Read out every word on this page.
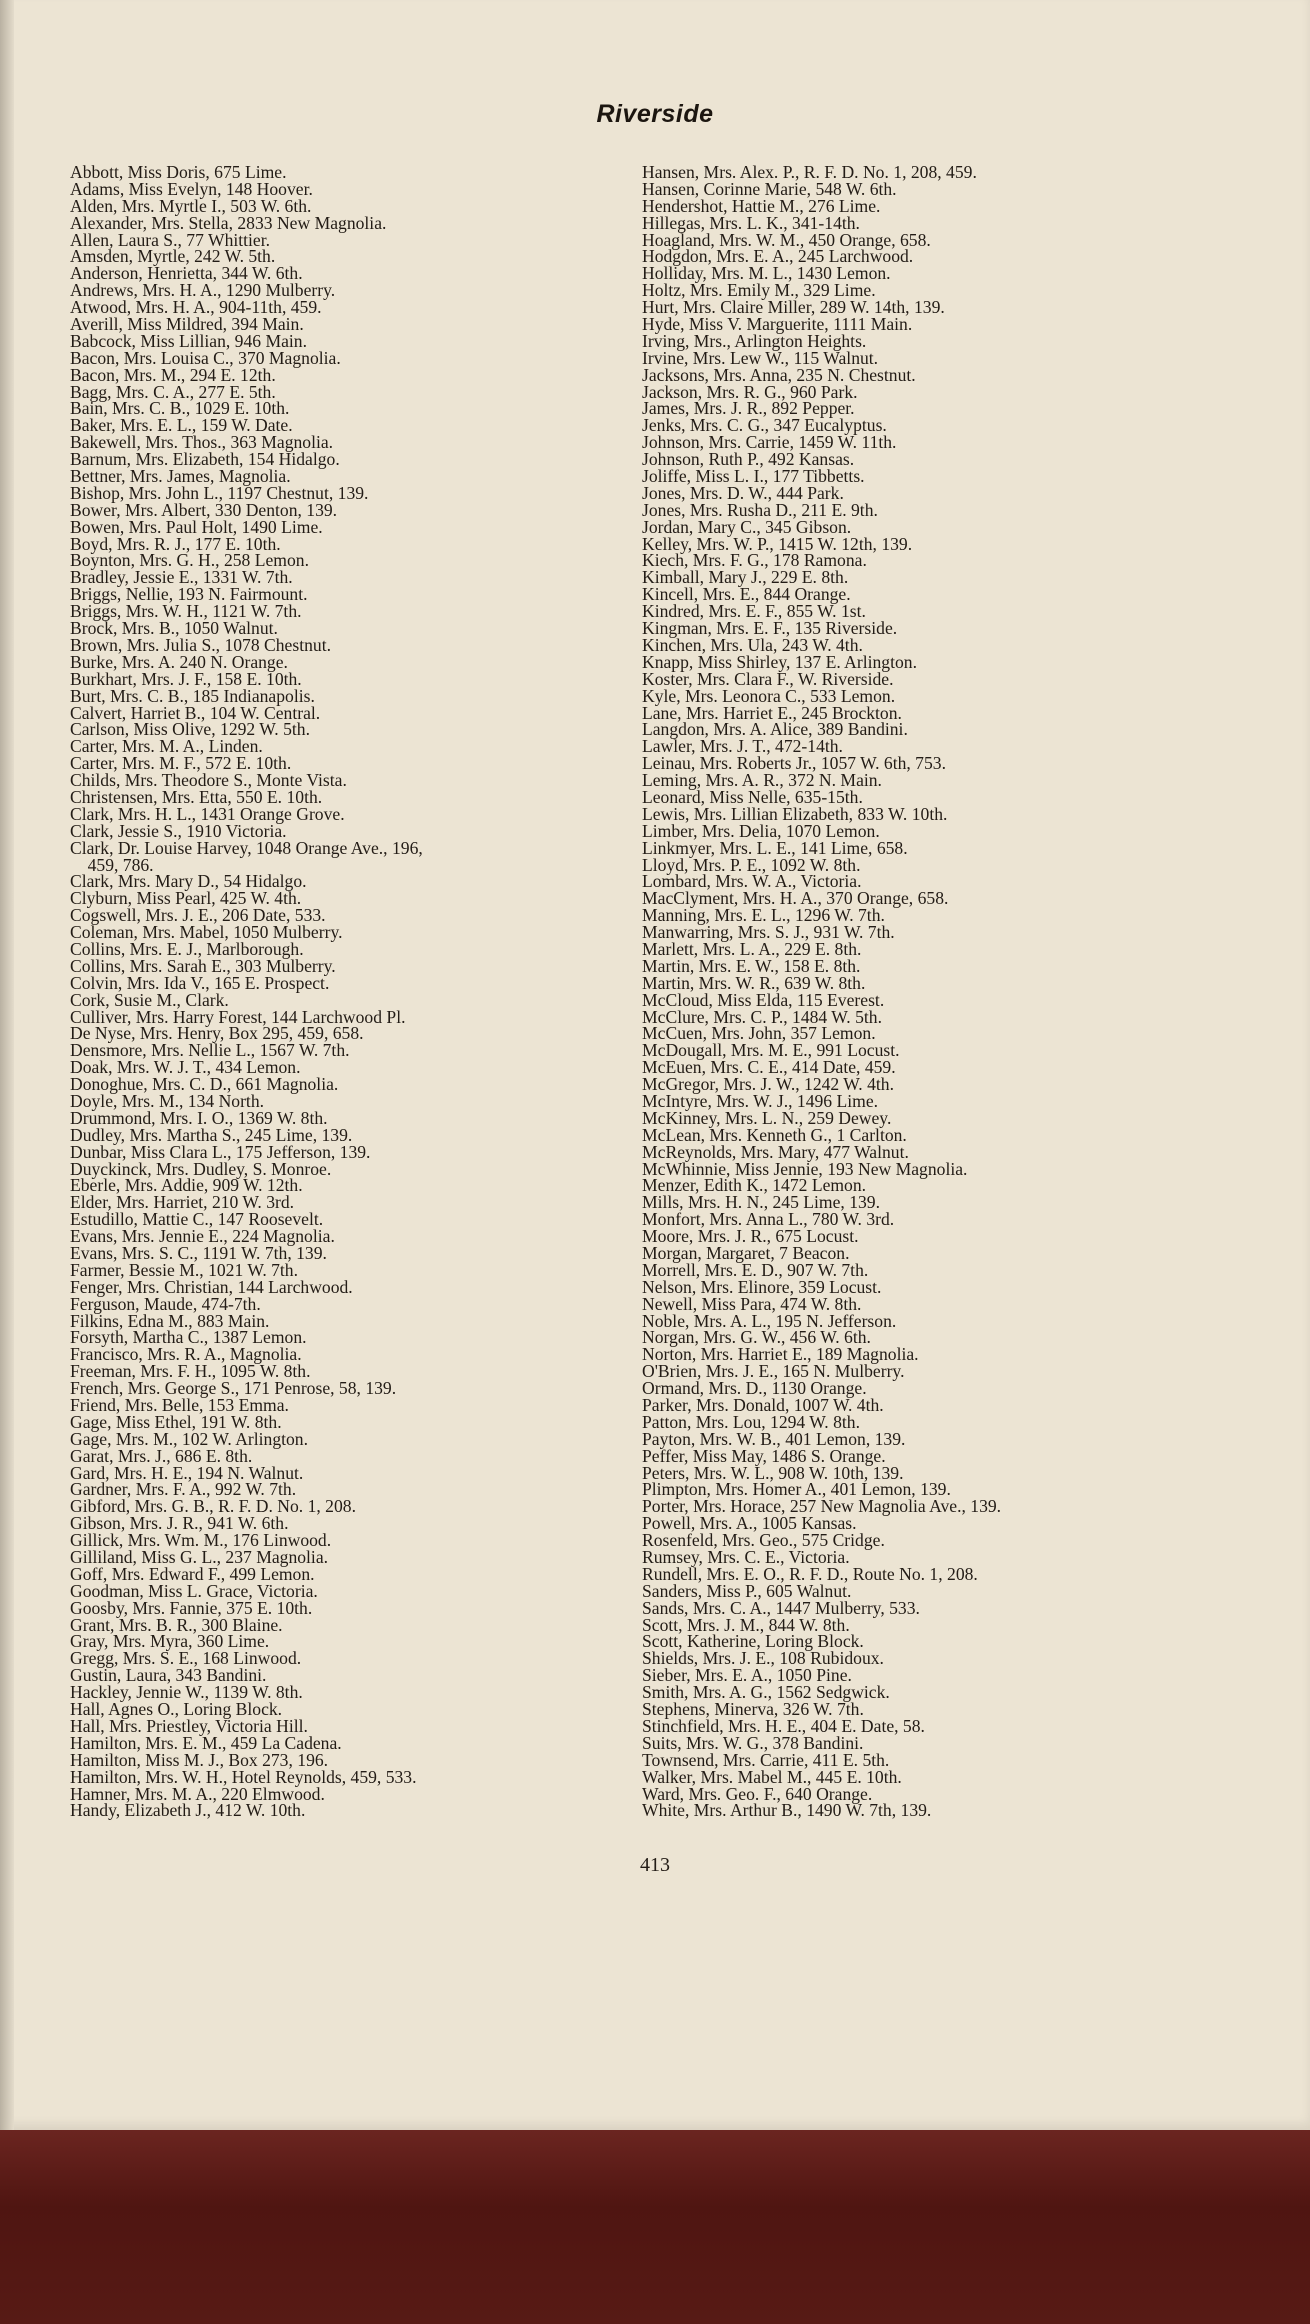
Riverside
Abbott, Miss Doris, 675 Lime.
Adams, Miss Evelyn, 148 Hoover.
Alden, Mrs. Myrtle I., 503 W. 6th.
Alexander, Mrs. Stella, 2833 New Magnolia.
Allen, Laura S., 77 Whittier.
Amsden, Myrtle, 242 W. 5th.
Anderson, Henrietta, 344 W. 6th.
Andrews, Mrs. H. A., 1290 Mulberry.
Atwood, Mrs. H. A., 904-11th, 459.
Averill, Miss Mildred, 394 Main.
Babcock, Miss Lillian, 946 Main.
Bacon, Mrs. Louisa C., 370 Magnolia.
Bacon, Mrs. M., 294 E. 12th.
Bagg, Mrs. C. A., 277 E. 5th.
Bain, Mrs. C. B., 1029 E. 10th.
Baker, Mrs. E. L., 159 W. Date.
Bakewell, Mrs. Thos., 363 Magnolia.
Barnum, Mrs. Elizabeth, 154 Hidalgo.
Bettner, Mrs. James, Magnolia.
Bishop, Mrs. John L., 1197 Chestnut, 139.
Bower, Mrs. Albert, 330 Denton, 139.
Bowen, Mrs. Paul Holt, 1490 Lime.
Boyd, Mrs. R. J., 177 E. 10th.
Boynton, Mrs. G. H., 258 Lemon.
Bradley, Jessie E., 1331 W. 7th.
Briggs, Nellie, 193 N. Fairmount.
Briggs, Mrs. W. H., 1121 W. 7th.
Brock, Mrs. B., 1050 Walnut.
Brown, Mrs. Julia S., 1078 Chestnut.
Burke, Mrs. A. 240 N. Orange.
Burkhart, Mrs. J. F., 158 E. 10th.
Burt, Mrs. C. B., 185 Indianapolis.
Calvert, Harriet B., 104 W. Central.
Carlson, Miss Olive, 1292 W. 5th.
Carter, Mrs. M. A., Linden.
Carter, Mrs. M. F., 572 E. 10th.
Childs, Mrs. Theodore S., Monte Vista.
Christensen, Mrs. Etta, 550 E. 10th.
Clark, Mrs. H. L., 1431 Orange Grove.
Clark, Jessie S., 1910 Victoria.
Clark, Dr. Louise Harvey, 1048 Orange Ave., 196,
459, 786.
Clark, Mrs. Mary D., 54 Hidalgo.
Clyburn, Miss Pearl, 425 W. 4th.
Cogswell, Mrs. J. E., 206 Date, 533.
Coleman, Mrs. Mabel, 1050 Mulberry.
Collins, Mrs. E. J., Marlborough.
Collins, Mrs. Sarah E., 303 Mulberry.
Colvin, Mrs. Ida V., 165 E. Prospect.
Cork, Susie M., Clark.
Culliver, Mrs. Harry Forest, 144 Larchwood Pl.
De Nyse, Mrs. Henry, Box 295, 459, 658.
Densmore, Mrs. Nellie L., 1567 W. 7th.
Doak, Mrs. W. J. T., 434 Lemon.
Donoghue, Mrs. C. D., 661 Magnolia.
Doyle, Mrs. M., 134 North.
Drummond, Mrs. I. O., 1369 W. 8th.
Dudley, Mrs. Martha S., 245 Lime, 139.
Dunbar, Miss Clara L., 175 Jefferson, 139.
Duyckinck, Mrs. Dudley, S. Monroe.
Eberle, Mrs. Addie, 909 W. 12th.
Elder, Mrs. Harriet, 210 W. 3rd.
Estudillo, Mattie C., 147 Roosevelt.
Evans, Mrs. Jennie E., 224 Magnolia.
Evans, Mrs. S. C., 1191 W. 7th, 139.
Farmer, Bessie M., 1021 W. 7th.
Fenger, Mrs. Christian, 144 Larchwood.
Ferguson, Maude, 474-7th.
Filkins, Edna M., 883 Main.
Forsyth, Martha C., 1387 Lemon.
Francisco, Mrs. R. A., Magnolia.
Freeman, Mrs. F. H., 1095 W. 8th.
French, Mrs. George S., 171 Penrose, 58, 139.
Friend, Mrs. Belle, 153 Emma.
Gage, Miss Ethel, 191 W. 8th.
Gage, Mrs. M., 102 W. Arlington.
Garat, Mrs. J., 686 E. 8th.
Gard, Mrs. H. E., 194 N. Walnut.
Gardner, Mrs. F. A., 992 W. 7th.
Gibford, Mrs. G. B., R. F. D. No. 1, 208.
Gibson, Mrs. J. R., 941 W. 6th.
Gillick, Mrs. Wm. M., 176 Linwood.
Gilliland, Miss G. L., 237 Magnolia.
Goff, Mrs. Edward F., 499 Lemon.
Goodman, Miss L. Grace, Victoria.
Goosby, Mrs. Fannie, 375 E. 10th.
Grant, Mrs. B. R., 300 Blaine.
Gray, Mrs. Myra, 360 Lime.
Gregg, Mrs. S. E., 168 Linwood.
Gustin, Laura, 343 Bandini.
Hackley, Jennie W., 1139 W. 8th.
Hall, Agnes O., Loring Block.
Hall, Mrs. Priestley, Victoria Hill.
Hamilton, Mrs. E. M., 459 La Cadena.
Hamilton, Miss M. J., Box 273, 196.
Hamilton, Mrs. W. H., Hotel Reynolds, 459, 533.
Hamner, Mrs. M. A., 220 Elmwood.
Handy, Elizabeth J., 412 W. 10th.
Hansen, Mrs. Alex. P., R. F. D. No. 1, 208, 459.
Hansen, Corinne Marie, 548 W. 6th.
Hendershot, Hattie M., 276 Lime.
Hillegas, Mrs. L. K., 341-14th.
Hoagland, Mrs. W. M., 450 Orange, 658.
Hodgdon, Mrs. E. A., 245 Larchwood.
Holliday, Mrs. M. L., 1430 Lemon.
Holtz, Mrs. Emily M., 329 Lime.
Hurt, Mrs. Claire Miller, 289 W. 14th, 139.
Hyde, Miss V. Marguerite, 1111 Main.
Irving, Mrs., Arlington Heights.
Irvine, Mrs. Lew W., 115 Walnut.
Jacksons, Mrs. Anna, 235 N. Chestnut.
Jackson, Mrs. R. G., 960 Park.
James, Mrs. J. R., 892 Pepper.
Jenks, Mrs. C. G., 347 Eucalyptus.
Johnson, Mrs. Carrie, 1459 W. 11th.
Johnson, Ruth P., 492 Kansas.
Joliffe, Miss L. I., 177 Tibbetts.
Jones, Mrs. D. W., 444 Park.
Jones, Mrs. Rusha D., 211 E. 9th.
Jordan, Mary C., 345 Gibson.
Kelley, Mrs. W. P., 1415 W. 12th, 139.
Kiech, Mrs. F. G., 178 Ramona.
Kimball, Mary J., 229 E. 8th.
Kincell, Mrs. E., 844 Orange.
Kindred, Mrs. E. F., 855 W. 1st.
Kingman, Mrs. E. F., 135 Riverside.
Kinchen, Mrs. Ula, 243 W. 4th.
Knapp, Miss Shirley, 137 E. Arlington.
Koster, Mrs. Clara F., W. Riverside.
Kyle, Mrs. Leonora C., 533 Lemon.
Lane, Mrs. Harriet E., 245 Brockton.
Langdon, Mrs. A. Alice, 389 Bandini.
Lawler, Mrs. J. T., 472-14th.
Leinau, Mrs. Roberts Jr., 1057 W. 6th, 753.
Leming, Mrs. A. R., 372 N. Main.
Leonard, Miss Nelle, 635-15th.
Lewis, Mrs. Lillian Elizabeth, 833 W. 10th.
Limber, Mrs. Delia, 1070 Lemon.
Linkmyer, Mrs. L. E., 141 Lime, 658.
Lloyd, Mrs. P. E., 1092 W. 8th.
Lombard, Mrs. W. A., Victoria.
MacClyment, Mrs. H. A., 370 Orange, 658.
Manning, Mrs. E. L., 1296 W. 7th.
Manwarring, Mrs. S. J., 931 W. 7th.
Marlett, Mrs. L. A., 229 E. 8th.
Martin, Mrs. E. W., 158 E. 8th.
Martin, Mrs. W. R., 639 W. 8th.
McCloud, Miss Elda, 115 Everest.
McClure, Mrs. C. P., 1484 W. 5th.
McCuen, Mrs. John, 357 Lemon.
McDougall, Mrs. M. E., 991 Locust.
McEuen, Mrs. C. E., 414 Date, 459.
McGregor, Mrs. J. W., 1242 W. 4th.
McIntyre, Mrs. W. J., 1496 Lime.
McKinney, Mrs. L. N., 259 Dewey.
McLean, Mrs. Kenneth G., 1 Carlton.
McReynolds, Mrs. Mary, 477 Walnut.
McWhinnie, Miss Jennie, 193 New Magnolia.
Menzer, Edith K., 1472 Lemon.
Mills, Mrs. H. N., 245 Lime, 139.
Monfort, Mrs. Anna L., 780 W. 3rd.
Moore, Mrs. J. R., 675 Locust.
Morgan, Margaret, 7 Beacon.
Morrell, Mrs. E. D., 907 W. 7th.
Nelson, Mrs. Elinore, 359 Locust.
Newell, Miss Para, 474 W. 8th.
Noble, Mrs. A. L., 195 N. Jefferson.
Norgan, Mrs. G. W., 456 W. 6th.
Norton, Mrs. Harriet E., 189 Magnolia.
O'Brien, Mrs. J. E., 165 N. Mulberry.
Ormand, Mrs. D., 1130 Orange.
Parker, Mrs. Donald, 1007 W. 4th.
Patton, Mrs. Lou, 1294 W. 8th.
Payton, Mrs. W. B., 401 Lemon, 139.
Peffer, Miss May, 1486 S. Orange.
Peters, Mrs. W. L., 908 W. 10th, 139.
Plimpton, Mrs. Homer A., 401 Lemon, 139.
Porter, Mrs. Horace, 257 New Magnolia Ave., 139.
Powell, Mrs. A., 1005 Kansas.
Rosenfeld, Mrs. Geo., 575 Cridge.
Rumsey, Mrs. C. E., Victoria.
Rundell, Mrs. E. O., R. F. D., Route No. 1, 208.
Sanders, Miss P., 605 Walnut.
Sands, Mrs. C. A., 1447 Mulberry, 533.
Scott, Mrs. J. M., 844 W. 8th.
Scott, Katherine, Loring Block.
Shields, Mrs. J. E., 108 Rubidoux.
Sieber, Mrs. E. A., 1050 Pine.
Smith, Mrs. A. G., 1562 Sedgwick.
Stephens, Minerva, 326 W. 7th.
Stinchfield, Mrs. H. E., 404 E. Date, 58.
Suits, Mrs. W. G., 378 Bandini.
Townsend, Mrs. Carrie, 411 E. 5th.
Walker, Mrs. Mabel M., 445 E. 10th.
Ward, Mrs. Geo. F., 640 Orange.
White, Mrs. Arthur B., 1490 W. 7th, 139.
413
